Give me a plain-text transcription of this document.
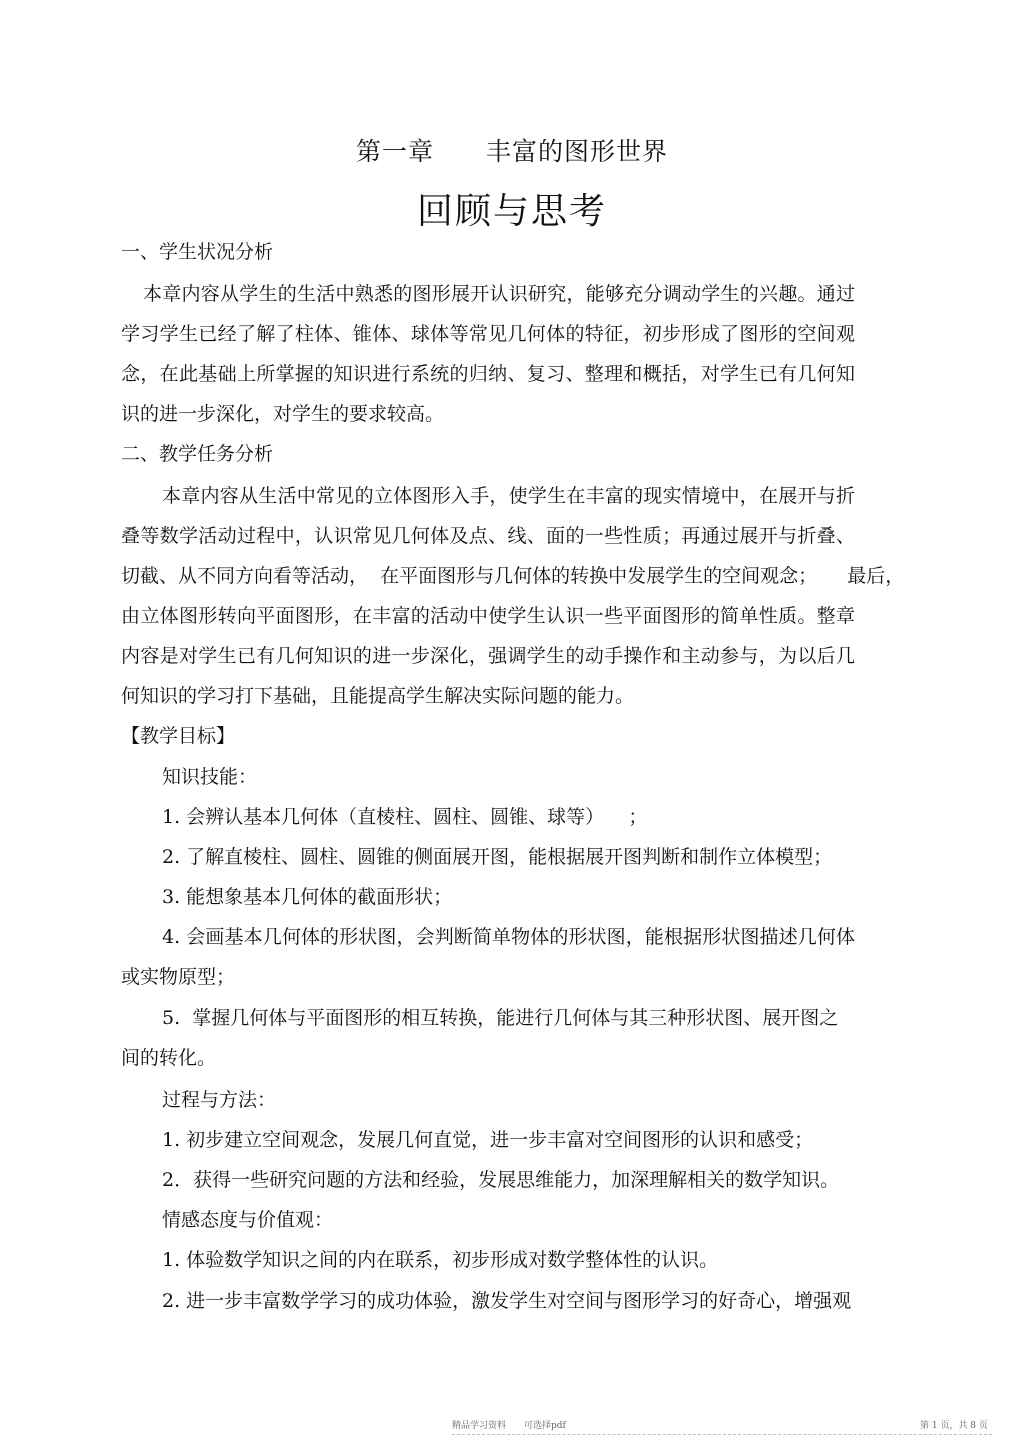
第一章　　丰富的图形世界
回顾与思考
一、学生状况分析
本章内容从学生的生活中熟悉的图形展开认识研究，能够充分调动学生的兴趣。通过
学习学生已经了解了柱体、锥体、球体等常见几何体的特征，初步形成了图形的空间观
念，在此基础上所掌握的知识进行系统的归纳、复习、整理和概括，对学生已有几何知
识的进一步深化，对学生的要求较高。
二、教学任务分析
本章内容从生活中常见的立体图形入手，使学生在丰富的现实情境中，在展开与折
叠等数学活动过程中，认识常见几何体及点、线、面的一些性质；再通过展开与折叠、
切截、从不同方向看等活动，  在平面图形与几何体的转换中发展学生的空间观念；     最后，
由立体图形转向平面图形，在丰富的活动中使学生认识一些平面图形的简单性质。整章
内容是对学生已有几何知识的进一步深化，强调学生的动手操作和主动参与，为以后几
何知识的学习打下基础，且能提高学生解决实际问题的能力。
【教学目标】
知识技能：
1. 会辨认基本几何体（直棱柱、圆柱、圆锥、球等）    ；
2. 了解直棱柱、圆柱、圆锥的侧面展开图，能根据展开图判断和制作立体模型；
3. 能想象基本几何体的截面形状；
4. 会画基本几何体的形状图，会判断简单物体的形状图，能根据形状图描述几何体
或实物原型；
5.  掌握几何体与平面图形的相互转换，能进行几何体与其三种形状图、展开图之
间的转化。
过程与方法：
1. 初步建立空间观念，发展几何直觉，进一步丰富对空间图形的认识和感受；
2．获得一些研究问题的方法和经验，发展思维能力，加深理解相关的数学知识。
情感态度与价值观：
1. 体验数学知识之间的内在联系，初步形成对数学整体性的认识。
2. 进一步丰富数学学习的成功体验，激发学生对空间与图形学习的好奇心，增强观
精品学习资料　　可选择pdf	第 1 页，共 8 页
